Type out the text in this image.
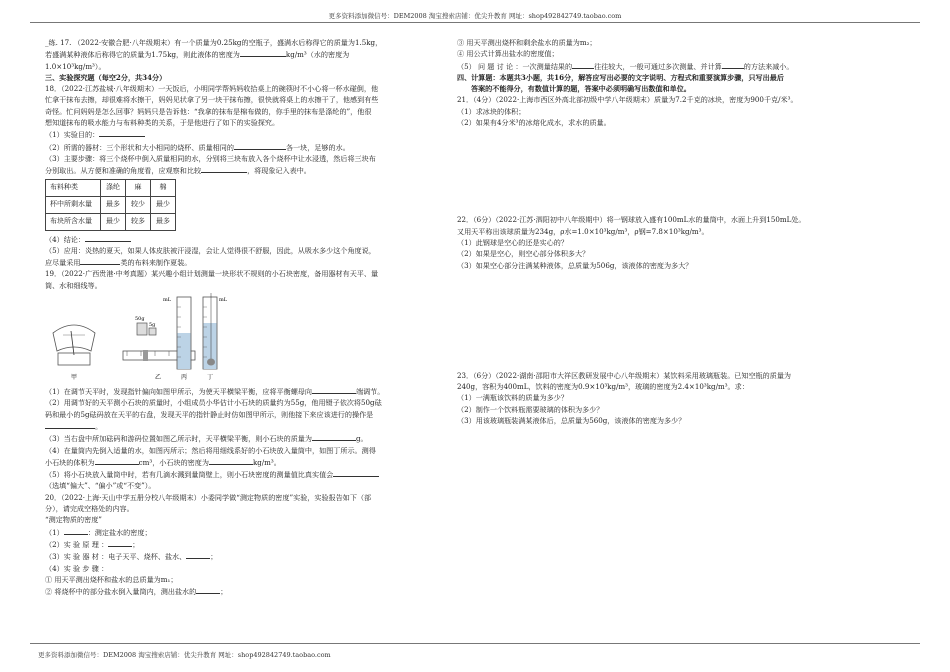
更多资料添加微信号：DEM2008 淘宝搜索店铺：优尖升教育 网址：shop492842749.taobao.com

_练. 17. （2022·安徽合肥·八年级期末）有一个质量为0.25kg的空瓶子，盛满水后称得它的质量为1.5kg，

若盛满某种液体后称得它的质量为1.75kg，则此液体的密度为	kg/m³（水的密度为

1.0×10³kg/m³）。

三、实验探究题（每空2分，共34分）

18．（2022·江苏盐城·八年级期末）一天饭后，小明同学帮妈妈收拾桌上的碗筷时不小心将一杯水碰倒，他

忙拿干抹布去擦，却很难将水擦干，妈妈见状拿了另一块干抹布擦，很快就将桌上的水擦干了，他感到有些

奇怪。忙问妈妈是怎么回事？妈妈只是告诉他：“我拿的抹布是棉布做的，你手里的抹布是涤纶的”，他很

想知道抹布的吸水能力与布料种类的关系，于是他进行了如下的实验探究。

（1）实验目的：

（2）所需的器材：三个形状和大小相同的烧杯、质量相同的	各一块，足够的水。

（3）主要步骤：将三个烧杯中倒入质量相同的水，分别将三块布放入各个烧杯中让水浸透，然后将三块布

分别取出。从方便和准确的角度看，应观察和比较	，将现象记入表中。

布料种类	涤纶	麻	棉
杯中所剩水量	最多	较少	最少
布块所含水量	最少	较多	最多

（4）结论：

（5）应用：炎热的夏天，如果人体皮肤被汗浸湿，会让人觉得很不舒服，因此，从吸水多少这个角度说，

应尽量采用	类的布料来制作夏装。

19．（2022·广西贵港·中考真题）某兴趣小组计划测量一块形状不规则的小石块密度，备用器材有天平、量

筒、水和细线等。

甲
50g
5g
乙
mL
丙
mL
丁

（1）在调节天平时，发现指针偏向如图甲所示，为使天平横梁平衡，应将平衡螺母向	端调节。

（2）用调节好的天平测小石块的质量时，小组成员小华估计小石块的质量约为55g，他用镊子依次将50g砝

码和最小的5g砝码放在天平的右盘，发现天平的指针静止时仿如图甲所示，则他接下来应该进行的操作是

。

（3）当右盘中所加砝码和游码位置如图乙所示时，天平横梁平衡，则小石块的质量为	g。

（4）在量筒内先倒入适量的水，如图丙所示；然后将用细线系好的小石块放入量筒中，如图丁所示。测得

小石块的体积为	cm³，小石块的密度为	kg/m³。

（5）将小石块放入量筒中时，若有几滴水溅到量筒壁上，则小石块密度的测量值比真实值会

（选填“偏大”、“偏小”或“不变”）。

20．（2022·上海·天山中学五册分校八年级期末）小委同学做“测定物质的密度”实验，实验报告如下（部

分），请完成空格处的内容。

“测定物质的密度”

（1）	：测定盐水的密度；

（2）实 验 原 理 ：	；

（3）实 验 器 材 ：电子天平、烧杯、盐水、	；

（4）实 验 步 骤 ：

① 用天平测出烧杯和盐水的总质量为m₁；

② 将烧杯中的部分盐水倒入量筒内，测出盐水的	；

③ 用天平测出烧杯和剩余盐水的质量为m₂；

④ 用公式计算出盐水的密度值；

（5） 问 题 讨 论 ：一次测量结果的	往往较大，一般可通过多次测量、并计算	的方法来减小。

四、计算题：本题共3小题，共16分，解答应写出必要的文字说明、方程式和重要演算步骤，只写出最后

答案的不能得分，有数值计算的题，答案中必须明确写出数值和单位。

21．（4分）（2022·上海市西区外高北部初级中学八年级期末）质量为7.2千克的冰块，密度为900千克/米³。

（1）求冰块的体积；

（2）如果有4分米³的冰熔化成水，求水的质量。

22．（6分）（2022·江苏·泗阳初中八年级期中）将一钢球放入盛有100mL水的量筒中，水面上升到150mL处。

又用天平称出该球质量为234g，ρ水=1.0×10³kg/m³，ρ钢=7.8×10³kg/m³。

（1）此钢球是空心的还是实心的？

（2）如果是空心，则空心部分体积多大？

（3）如果空心部分注满某种液体，总质量为506g，该液体的密度为多大？

23．（6分）（2022·湖南·邵阳市大祥区教研发展中心八年级期末）某饮料采用玻璃瓶装。已知空瓶的质量为

240g，容积为400mL，饮料的密度为0.9×10³kg/m³，玻璃的密度为2.4×10³kg/m³。求：

（1）一满瓶该饮料的质量为多少？

（2）制作一个饮料瓶需要玻璃的体积为多少？

（3）用该玻璃瓶装满某液体后，总质量为560g，该液体的密度为多少？

更多资料添加微信号：DEM2008 淘宝搜索店铺：优尖升教育 网址：shop492842749.taobao.com
